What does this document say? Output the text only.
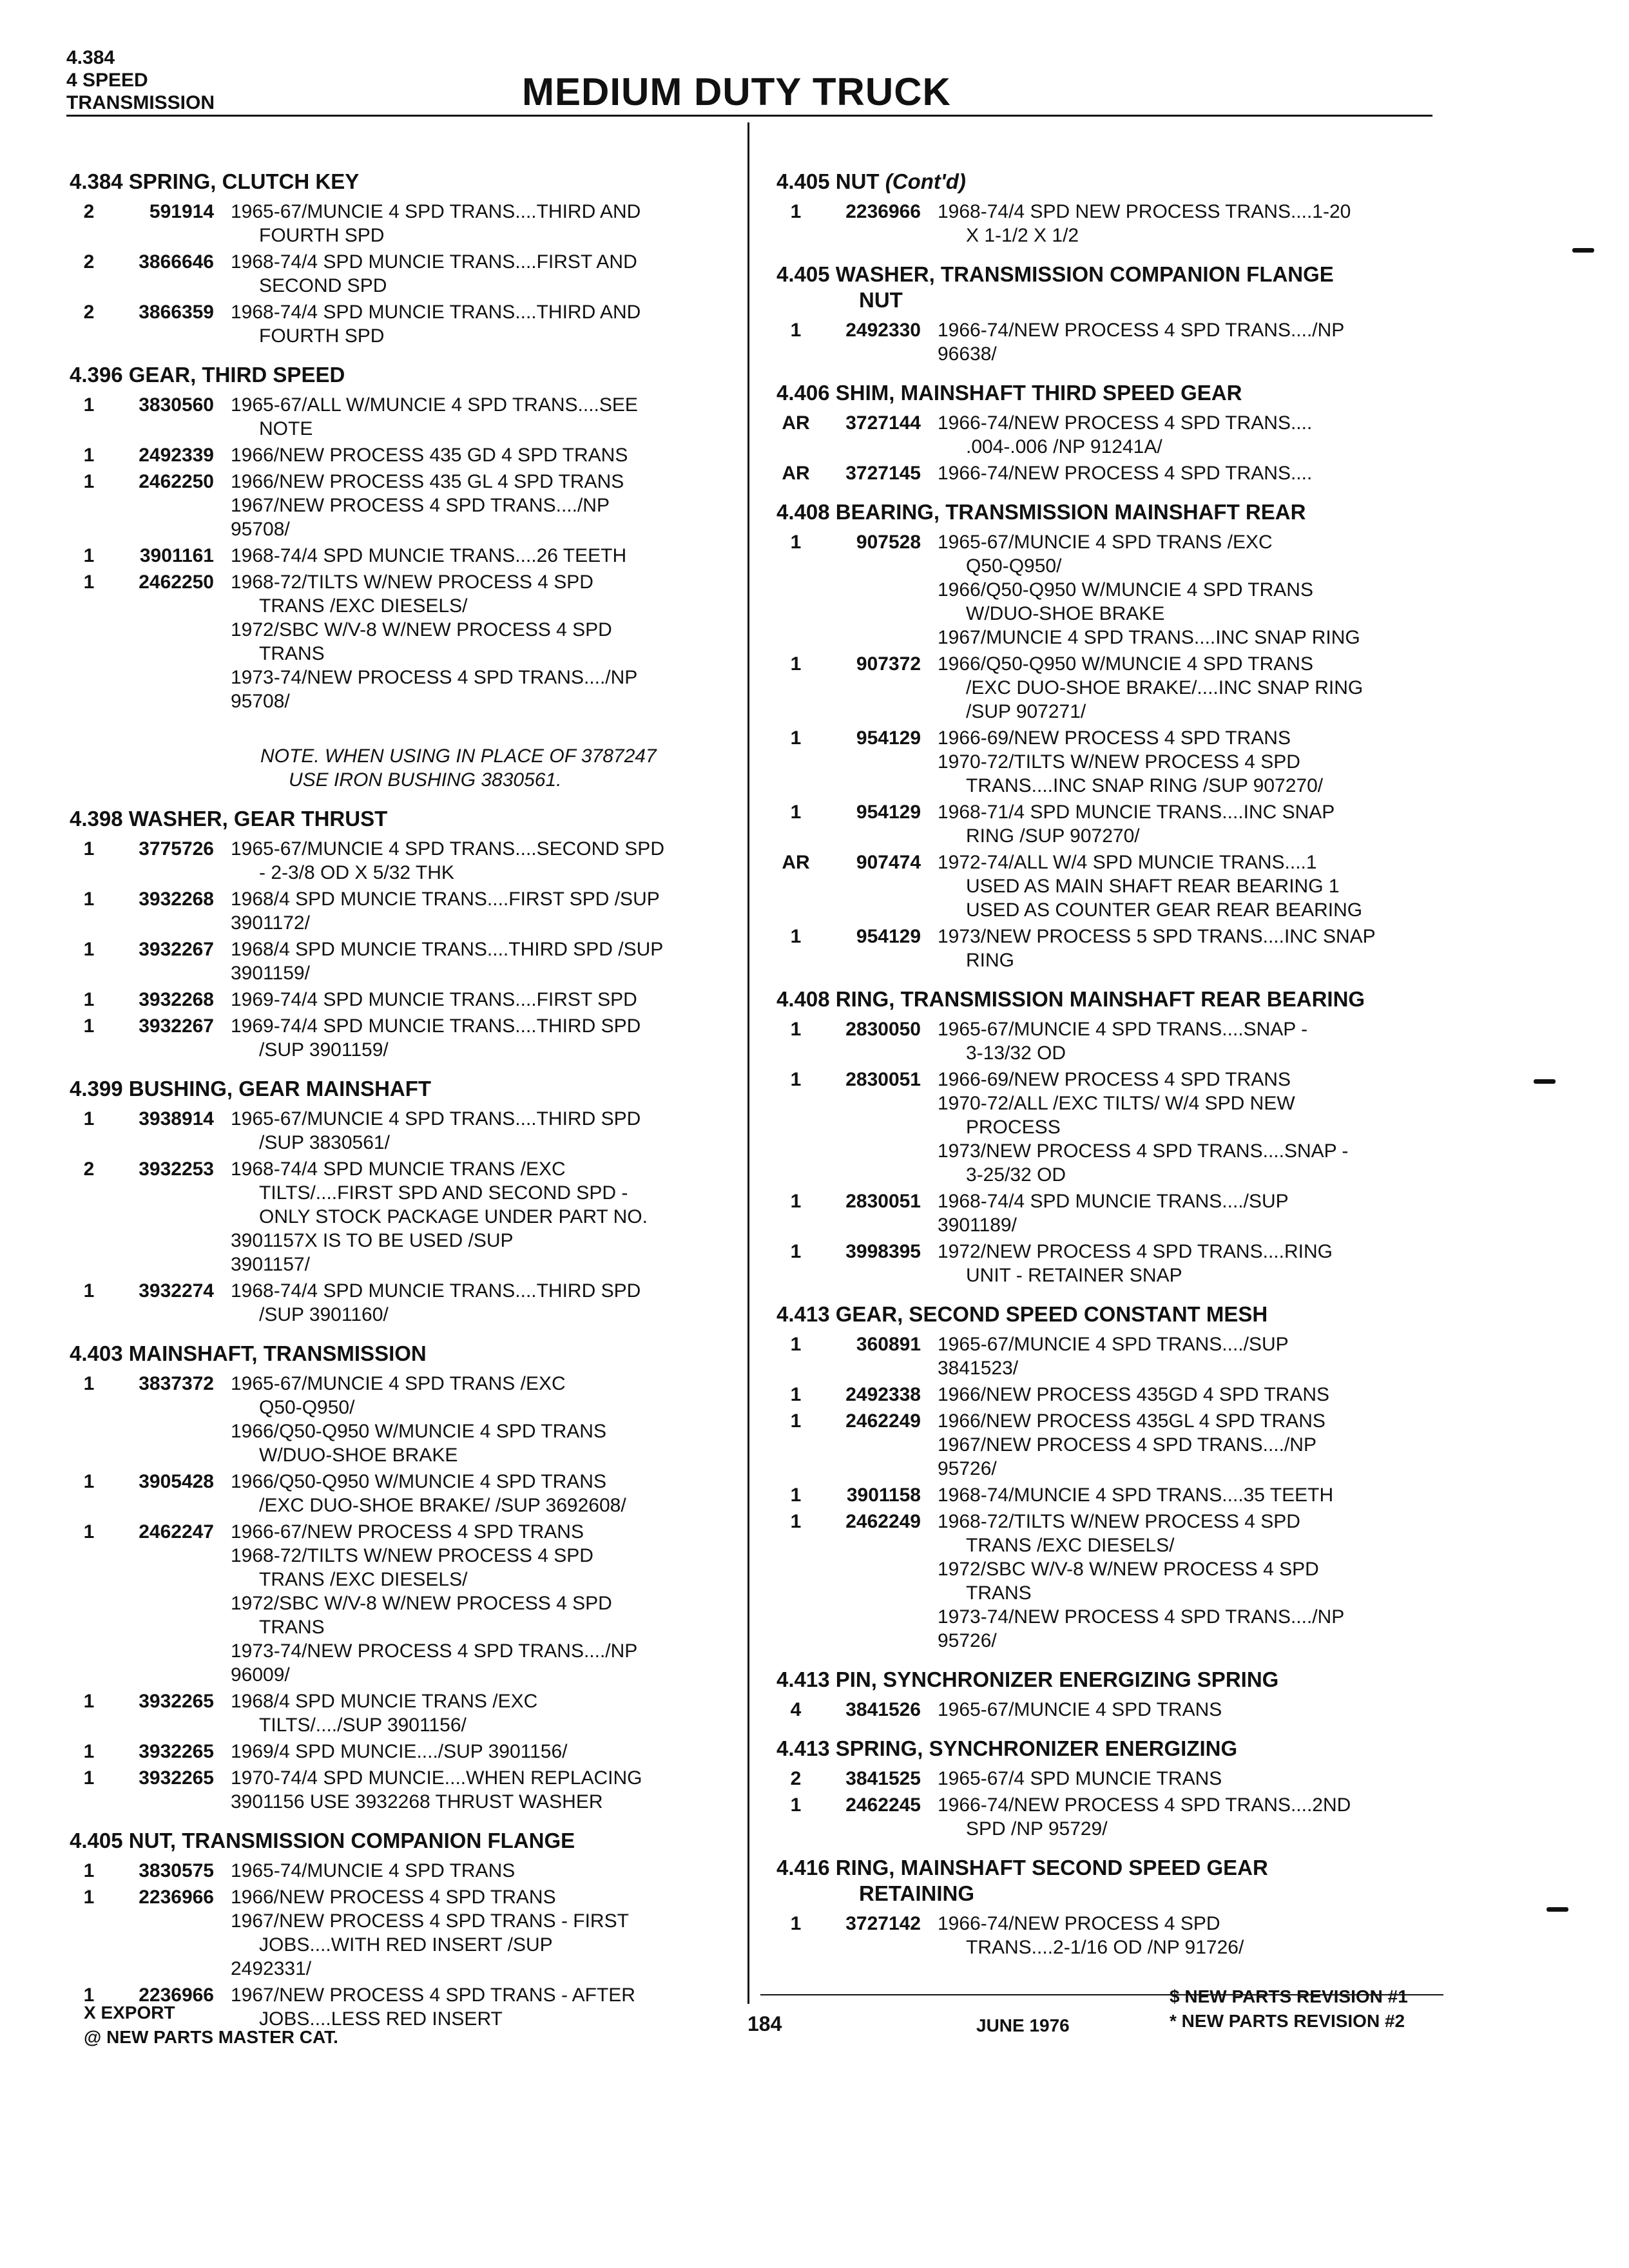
4.384
4 SPEED
TRANSMISSION	MEDIUM DUTY TRUCK
4.384 SPRING, CLUTCH KEY
2	591914 1965-67/MUNCIE 4 SPD TRANS....THIRD AND
FOURTH SPD
2	3866646 1968-74/4 SPD MUNCIE TRANS....FIRST AND
SECOND SPD
2	3866359 1968-74/4 SPD MUNCIE TRANS....THIRD AND
FOURTH SPD
4.396 GEAR, THIRD SPEED
1	3830560 1965-67/ALL W/MUNCIE 4 SPD TRANS....SEE
NOTE
1	2492339 1966/NEW PROCESS 435 GD 4 SPD TRANS
1	2462250 1966/NEW PROCESS 435 GL 4 SPD TRANS
1967/NEW PROCESS 4 SPD TRANS..../NP
95708/
1	3901161 1968-74/4 SPD MUNCIE TRANS....26 TEETH
1	2462250 1968-72/TILTS W/NEW PROCESS 4 SPD
TRANS /EXC DIESELS/
1972/SBC W/V-8 W/NEW PROCESS 4 SPD
TRANS
1973-74/NEW PROCESS 4 SPD TRANS..../NP
95708/
NOTE. WHEN USING IN PLACE OF 3787247
USE IRON BUSHING 3830561.
4.398 WASHER, GEAR THRUST
1	3775726 1965-67/MUNCIE 4 SPD TRANS....SECOND SPD
- 2-3/8 OD X 5/32 THK
1	3932268 1968/4 SPD MUNCIE TRANS....FIRST SPD /SUP
3901172/
1	3932267 1968/4 SPD MUNCIE TRANS....THIRD SPD /SUP
3901159/
1	3932268 1969-74/4 SPD MUNCIE TRANS....FIRST SPD
1	3932267 1969-74/4 SPD MUNCIE TRANS....THIRD SPD
/SUP 3901159/
4.399 BUSHING, GEAR MAINSHAFT
1	3938914 1965-67/MUNCIE 4 SPD TRANS....THIRD SPD
/SUP 3830561/
2	3932253 1968-74/4 SPD MUNCIE TRANS /EXC
TILTS/....FIRST SPD AND SECOND SPD -
ONLY STOCK PACKAGE UNDER PART NO.
3901157X IS TO BE USED /SUP
3901157/
1	3932274 1968-74/4 SPD MUNCIE TRANS....THIRD SPD
/SUP 3901160/
4.403 MAINSHAFT, TRANSMISSION
1	3837372 1965-67/MUNCIE 4 SPD TRANS /EXC
Q50-Q950/
1966/Q50-Q950 W/MUNCIE 4 SPD TRANS
W/DUO-SHOE BRAKE
1	3905428 1966/Q50-Q950 W/MUNCIE 4 SPD TRANS
/EXC DUO-SHOE BRAKE/ /SUP 3692608/
1	2462247 1966-67/NEW PROCESS 4 SPD TRANS
1968-72/TILTS W/NEW PROCESS 4 SPD
TRANS /EXC DIESELS/
1972/SBC W/V-8 W/NEW PROCESS 4 SPD
TRANS
1973-74/NEW PROCESS 4 SPD TRANS..../NP
96009/
1	3932265 1968/4 SPD MUNCIE TRANS /EXC
TILTS/..../SUP 3901156/
1	3932265 1969/4 SPD MUNCIE..../SUP 3901156/
1	3932265 1970-74/4 SPD MUNCIE....WHEN REPLACING
3901156 USE 3932268 THRUST WASHER
4.405 NUT, TRANSMISSION COMPANION FLANGE
1	3830575 1965-74/MUNCIE 4 SPD TRANS
1	2236966 1966/NEW PROCESS 4 SPD TRANS
1967/NEW PROCESS 4 SPD TRANS - FIRST
JOBS....WITH RED INSERT /SUP
2492331/
1	2236966 1967/NEW PROCESS 4 SPD TRANS - AFTER
JOBS....LESS RED INSERT
4.405 NUT (Cont'd)
1	2236966 1968-74/4 SPD NEW PROCESS TRANS....1-20
X 1-1/2 X 1/2
4.405 WASHER, TRANSMISSION COMPANION FLANGE
NUT
1	2492330 1966-74/NEW PROCESS 4 SPD TRANS..../NP
96638/
4.406 SHIM, MAINSHAFT THIRD SPEED GEAR
AR	3727144 1966-74/NEW PROCESS 4 SPD TRANS....
.004-.006 /NP 91241A/
AR	3727145 1966-74/NEW PROCESS 4 SPD TRANS....
4.408 BEARING, TRANSMISSION MAINSHAFT REAR
1	907528 1965-67/MUNCIE 4 SPD TRANS /EXC
Q50-Q950/
1966/Q50-Q950 W/MUNCIE 4 SPD TRANS
W/DUO-SHOE BRAKE
1967/MUNCIE 4 SPD TRANS....INC SNAP RING
1	907372 1966/Q50-Q950 W/MUNCIE 4 SPD TRANS
/EXC DUO-SHOE BRAKE/....INC SNAP RING
/SUP 907271/
1	954129 1966-69/NEW PROCESS 4 SPD TRANS
1970-72/TILTS W/NEW PROCESS 4 SPD
TRANS....INC SNAP RING /SUP 907270/
1	954129 1968-71/4 SPD MUNCIE TRANS....INC SNAP
RING /SUP 907270/
AR	907474 1972-74/ALL W/4 SPD MUNCIE TRANS....1
USED AS MAIN SHAFT REAR BEARING 1
USED AS COUNTER GEAR REAR BEARING
1	954129 1973/NEW PROCESS 5 SPD TRANS....INC SNAP
RING
4.408 RING, TRANSMISSION MAINSHAFT REAR BEARING
1	2830050 1965-67/MUNCIE 4 SPD TRANS....SNAP -
3-13/32 OD
1	2830051 1966-69/NEW PROCESS 4 SPD TRANS
1970-72/ALL /EXC TILTS/ W/4 SPD NEW
PROCESS
1973/NEW PROCESS 4 SPD TRANS....SNAP -
3-25/32 OD
1	2830051 1968-74/4 SPD MUNCIE TRANS..../SUP
3901189/
1	3998395 1972/NEW PROCESS 4 SPD TRANS....RING
UNIT - RETAINER SNAP
4.413 GEAR, SECOND SPEED CONSTANT MESH
1	360891 1965-67/MUNCIE 4 SPD TRANS..../SUP
3841523/
1	2492338 1966/NEW PROCESS 435GD 4 SPD TRANS
1	2462249 1966/NEW PROCESS 435GL 4 SPD TRANS
1967/NEW PROCESS 4 SPD TRANS..../NP
95726/
1	3901158 1968-74/MUNCIE 4 SPD TRANS....35 TEETH
1	2462249 1968-72/TILTS W/NEW PROCESS 4 SPD
TRANS /EXC DIESELS/
1972/SBC W/V-8 W/NEW PROCESS 4 SPD
TRANS
1973-74/NEW PROCESS 4 SPD TRANS..../NP
95726/
4.413 PIN, SYNCHRONIZER ENERGIZING SPRING
4	3841526 1965-67/MUNCIE 4 SPD TRANS
4.413 SPRING, SYNCHRONIZER ENERGIZING
2	3841525 1965-67/4 SPD MUNCIE TRANS
1	2462245 1966-74/NEW PROCESS 4 SPD TRANS....2ND
SPD /NP 95729/
4.416 RING, MAINSHAFT SECOND SPEED GEAR
RETAINING
1	3727142 1966-74/NEW PROCESS 4 SPD
TRANS....2-1/16 OD /NP 91726/
X EXPORT
@ NEW PARTS MASTER CAT.
184	JUNE 1976
$ NEW PARTS REVISION #1
* NEW PARTS REVISION #2
